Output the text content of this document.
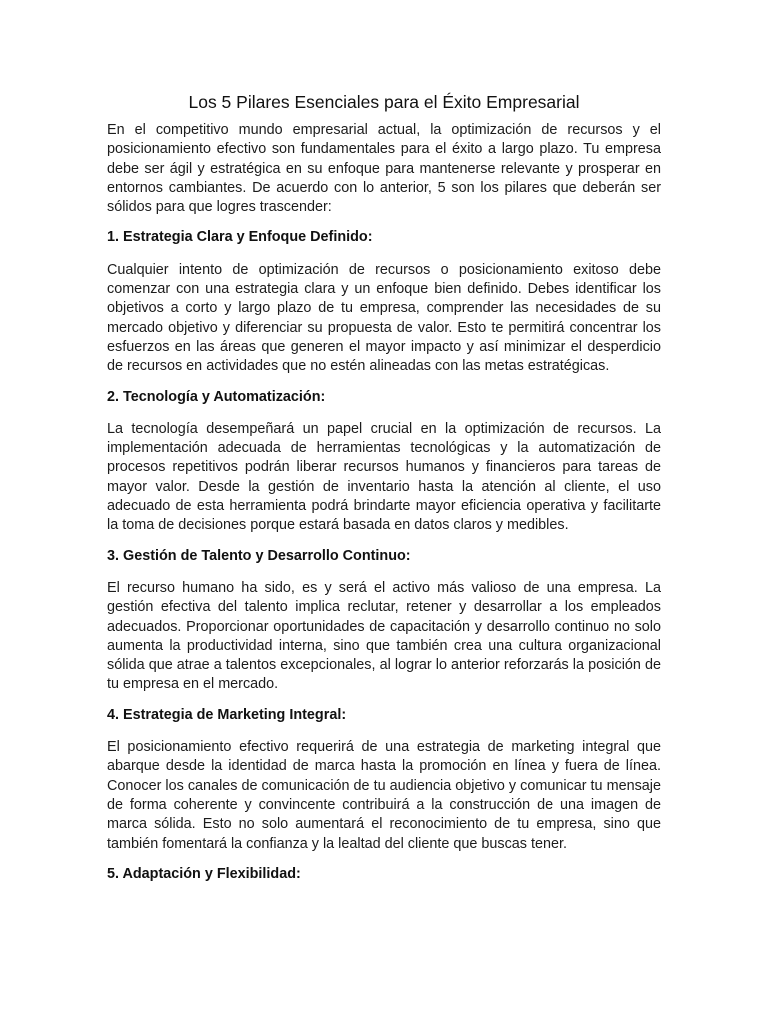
Los 5 Pilares Esenciales para el Éxito Empresarial

En el competitivo mundo empresarial actual, la optimización de recursos y el posicionamiento efectivo son fundamentales para el éxito a largo plazo. Tu empresa debe ser ágil y estratégica en su enfoque para mantenerse relevante y prosperar en entornos cambiantes. De acuerdo con lo anterior, 5 son los pilares que deberán ser sólidos para que logres trascender:

1. Estrategia Clara y Enfoque Definido:

Cualquier intento de optimización de recursos o posicionamiento exitoso debe comenzar con una estrategia clara y un enfoque bien definido. Debes identificar los objetivos a corto y largo plazo de tu empresa, comprender las necesidades de su mercado objetivo y diferenciar su propuesta de valor. Esto te permitirá concentrar los esfuerzos en las áreas que generen el mayor impacto y así minimizar el desperdicio de recursos en actividades que no estén alineadas con las metas estratégicas.

2. Tecnología y Automatización:

La tecnología desempeñará un papel crucial en la optimización de recursos. La implementación adecuada de herramientas tecnológicas y la automatización de procesos repetitivos podrán liberar recursos humanos y financieros para tareas de mayor valor. Desde la gestión de inventario hasta la atención al cliente, el uso adecuado de esta herramienta podrá brindarte mayor eficiencia operativa y facilitarte la toma de decisiones porque estará basada en datos claros y medibles.

3. Gestión de Talento y Desarrollo Continuo:

El recurso humano ha sido, es y será el activo más valioso de una empresa. La gestión efectiva del talento implica reclutar, retener y desarrollar a los empleados adecuados. Proporcionar oportunidades de capacitación y desarrollo continuo no solo aumenta la productividad interna, sino que también crea una cultura organizacional sólida que atrae a talentos excepcionales, al lograr lo anterior reforzarás la posición de tu empresa en el mercado.

4. Estrategia de Marketing Integral:

El posicionamiento efectivo requerirá de una estrategia de marketing integral que abarque desde la identidad de marca hasta la promoción en línea y fuera de línea. Conocer los canales de comunicación de tu audiencia objetivo y comunicar tu mensaje de forma coherente y convincente contribuirá a la construcción de una imagen de marca sólida. Esto no solo aumentará el reconocimiento de tu empresa, sino que también fomentará la confianza y la lealtad del cliente que buscas tener.

5. Adaptación y Flexibilidad:
